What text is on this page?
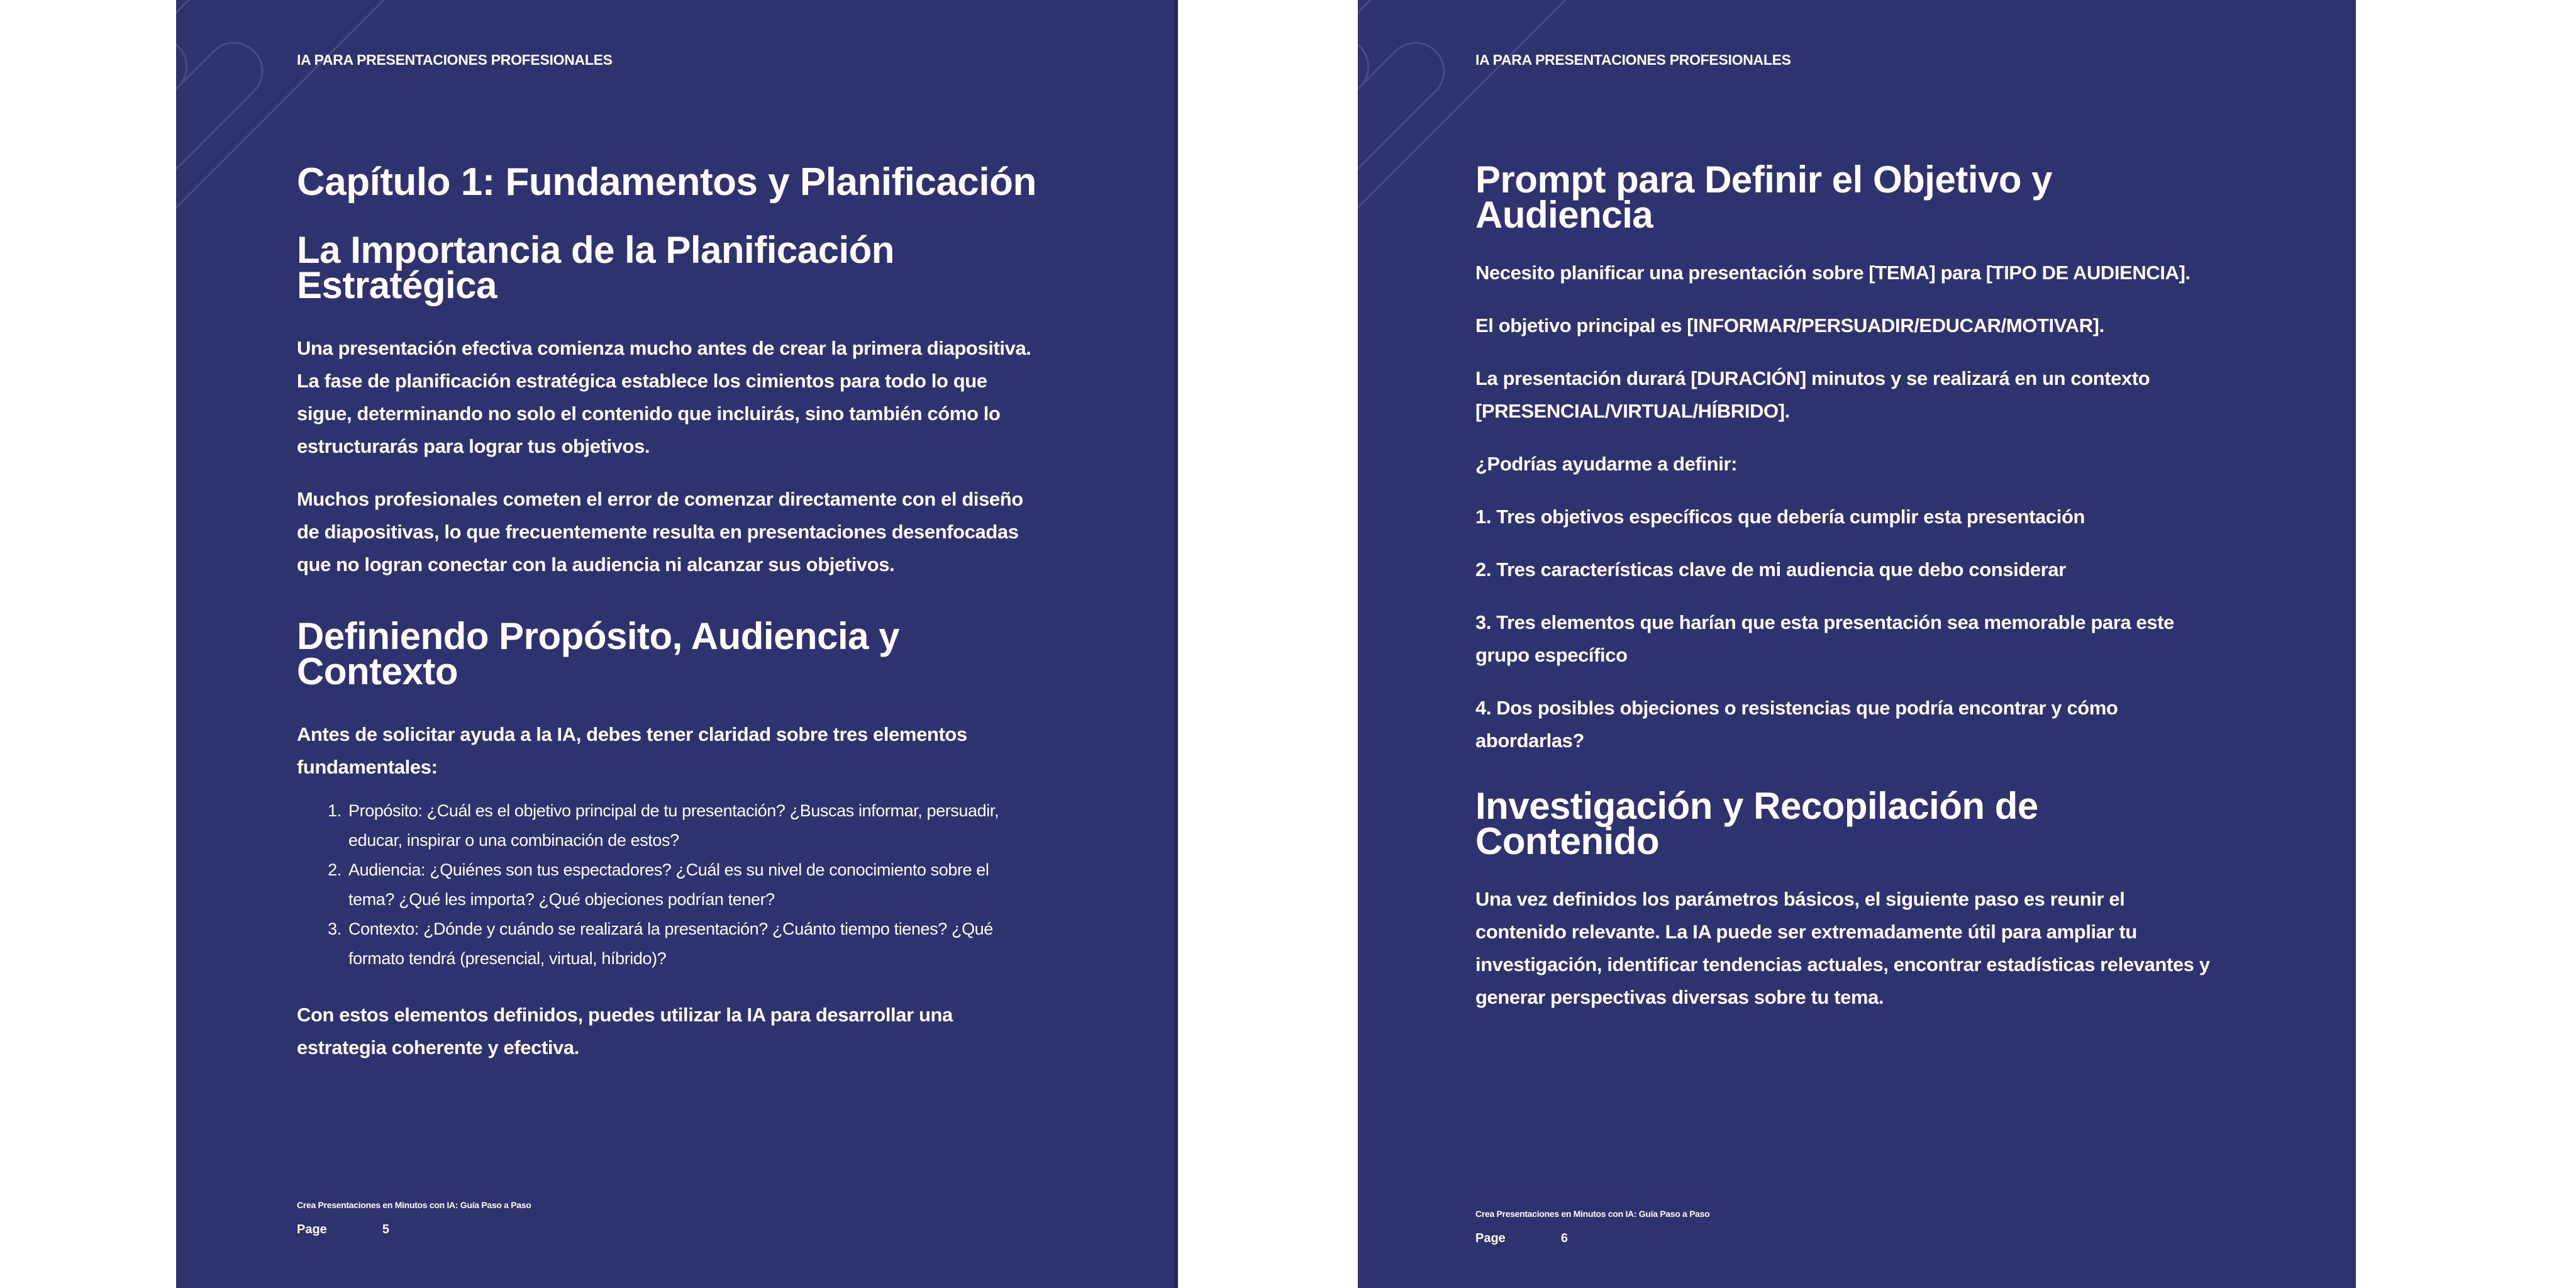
IA PARA PRESENTACIONES PROFESIONALES
Capítulo 1: Fundamentos y Planificación
La Importancia de la Planificación Estratégica

Una presentación efectiva comienza mucho antes de crear la primera diapositiva. La fase de planificación estratégica establece los cimientos para todo lo que sigue, determinando no solo el contenido que incluirás, sino también cómo lo estructurarás para lograr tus objetivos.

Muchos profesionales cometen el error de comenzar directamente con el diseño de diapositivas, lo que frecuentemente resulta en presentaciones desenfocadas que no logran conectar con la audiencia ni alcanzar sus objetivos.

Definiendo Propósito, Audiencia y Contexto

Antes de solicitar ayuda a la IA, debes tener claridad sobre tres elementos fundamentales:

1. Propósito: ¿Cuál es el objetivo principal de tu presentación? ¿Buscas informar, persuadir, educar, inspirar o una combinación de estos?
2. Audiencia: ¿Quiénes son tus espectadores? ¿Cuál es su nivel de conocimiento sobre el tema? ¿Qué les importa? ¿Qué objeciones podrían tener?
3. Contexto: ¿Dónde y cuándo se realizará la presentación? ¿Cuánto tiempo tienes? ¿Qué formato tendrá (presencial, virtual, híbrido)?

Con estos elementos definidos, puedes utilizar la IA para desarrollar una estrategia coherente y efectiva.

Crea Presentaciones en Minutos con IA: Guía Paso a Paso
Page	5
IA PARA PRESENTACIONES PROFESIONALES
Prompt para Definir el Objetivo y Audiencia

Necesito planificar una presentación sobre [TEMA] para [TIPO DE AUDIENCIA].

El objetivo principal es [INFORMAR/PERSUADIR/EDUCAR/MOTIVAR].

La presentación durará [DURACIÓN] minutos y se realizará en un contexto [PRESENCIAL/VIRTUAL/HÍBRIDO].

¿Podrías ayudarme a definir:

1. Tres objetivos específicos que debería cumplir esta presentación

2. Tres características clave de mi audiencia que debo considerar

3. Tres elementos que harían que esta presentación sea memorable para este grupo específico

4. Dos posibles objeciones o resistencias que podría encontrar y cómo abordarlas?

Investigación y Recopilación de Contenido

Una vez definidos los parámetros básicos, el siguiente paso es reunir el contenido relevante. La IA puede ser extremadamente útil para ampliar tu investigación, identificar tendencias actuales, encontrar estadísticas relevantes y generar perspectivas diversas sobre tu tema.

Crea Presentaciones en Minutos con IA: Guía Paso a Paso
Page	6
